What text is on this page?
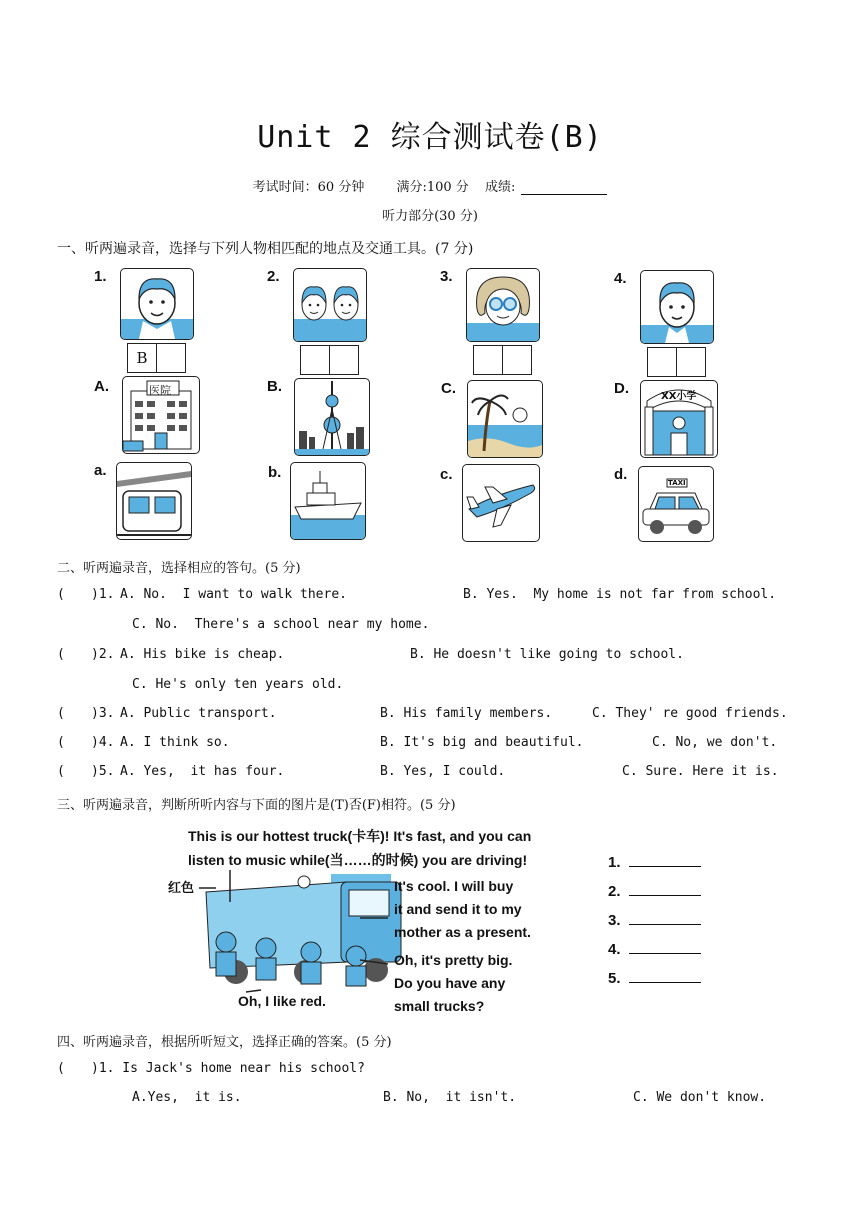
Unit 2 综合测试卷(B)
考试时间：60 分钟 满分:100 分 成绩:
听力部分(30 分)
一、听两遍录音，选择与下列人物相匹配的地点及交通工具。(7 分)
1.
B
2.	3.	4.
A.	医院	B.	C.	D.	XX小学
a.	b.	c.	d.	TAXI
二、听两遍录音，选择相应的答句。(5 分)
( )1. A. No.  I want to walk there.	B. Yes.  My home is not far from school.
C. No.  There's a school near my home.
( )2. A. His bike is cheap.	B. He doesn't like going to school.
C. He's only ten years old.
( )3. A. Public transport.	B. His family members.	C. They' re good friends.
( )4. A. I think so.	B. It's big and beautiful.	C. No, we don't.
( )5. A. Yes,  it has four.	B. Yes, I could.	C. Sure. Here it is.
三、听两遍录音，判断所听内容与下面的图片是(T)否(F)相符。(5 分)
This is our hottest truck(卡车)! It's fast, and you can
listen to music while(当……的时候) you are driving!
红色	It's cool. I will buy
it and send it to my
mother as a present.
Oh, it's pretty big.
Do you have any
small trucks?
Oh, I like red.
1.
2.
3.
4.
5.
四、听两遍录音，根据所听短文，选择正确的答案。(5 分)
( )1. Is Jack's home near his school?
A.Yes,  it is.	B. No,  it isn't.	C. We don't know.
